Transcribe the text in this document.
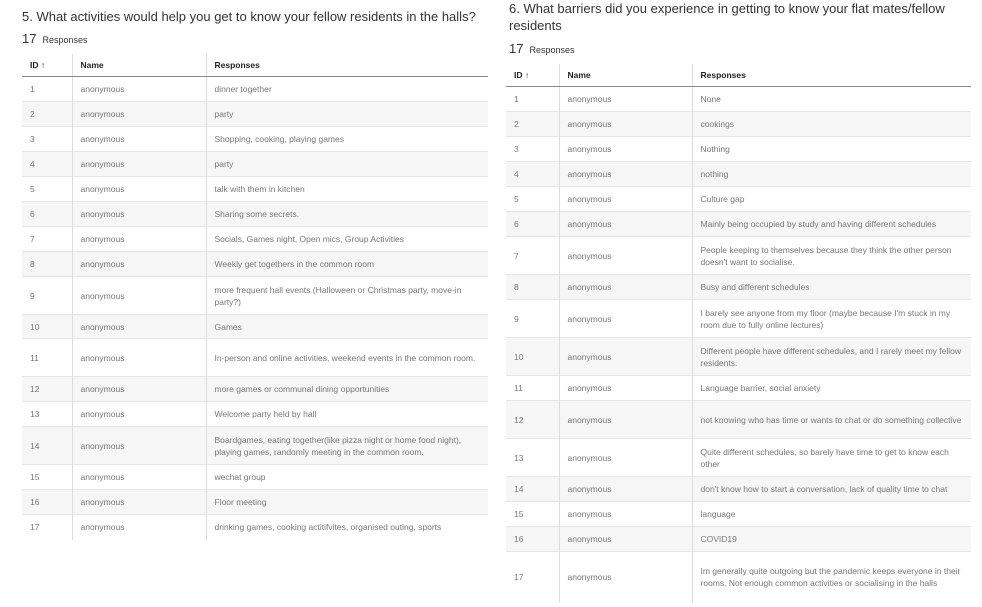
5. What activities would help you get to know your fellow residents in the halls?
17 Responses
ID ↑	Name	Responses
1	anonymous	dinner together
2	anonymous	party
3	anonymous	Shopping, cooking, playing games
4	anonymous	party
5	anonymous	talk with them in kitchen
6	anonymous	Sharing some secrets.
7	anonymous	Socials, Games night, Open mics, Group Activities
8	anonymous	Weekly get togethers in the common room
9	anonymous	more frequent hall events (Halloween or Christmas party, move-in party?)
10	anonymous	Games
11	anonymous	In-person and online activities, weekend events in the common room.
12	anonymous	more games or communal dining opportunities
13	anonymous	Welcome party held by hall
14	anonymous	Boardgames, eating together(like pizza night or home food night), playing games, randomly meeting in the common room.
15	anonymous	wechat group
16	anonymous	Floor meeting
17	anonymous	drinking games, cooking actitifvites, organised outing, sports
6. What barriers did you experience in getting to know your flat mates/fellow residents
17 Responses
ID ↑	Name	Responses
1	anonymous	None
2	anonymous	cookings
3	anonymous	Nothing
4	anonymous	nothing
5	anonymous	Culture gap
6	anonymous	Mainly being occupied by study and having different schedules
7	anonymous	People keeping to themselves because they think the other person doesn't want to socialise.
8	anonymous	Busy and different schedules
9	anonymous	I barely see anyone from my floor (maybe because I'm stuck in my room due to fully online lectures)
10	anonymous	Different people have different schedules, and I rarely meet my fellow residents.
11	anonymous	Language barrier, social anxiety
12	anonymous	not knowing who has time or wants to chat or do something collective
13	anonymous	Quite different schedules, so barely have time to get to know each other
14	anonymous	don't know how to start a conversation, lack of quality time to chat
15	anonymous	language
16	anonymous	COVID19
17	anonymous	Im generally quite outgoing but the pandemic keeps everyone in their rooms. Not enough common activities or socialising in the halls
